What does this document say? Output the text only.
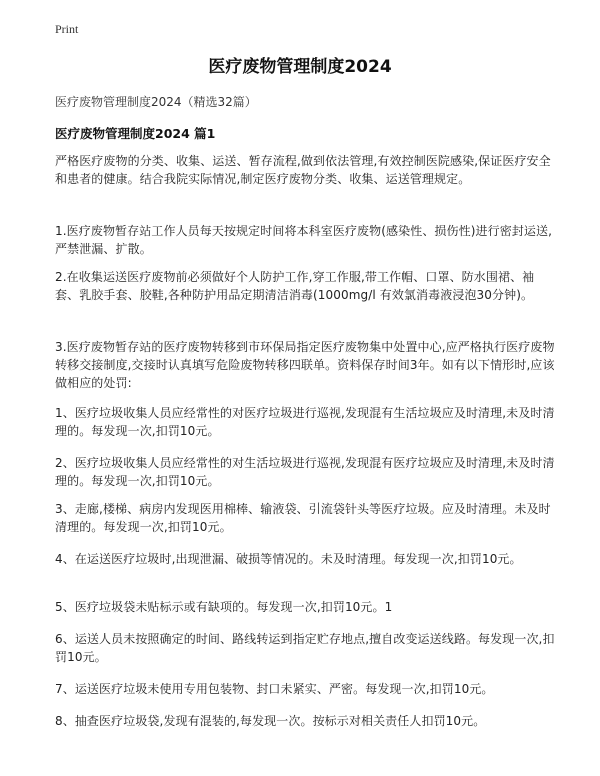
Print
医疗废物管理制度2024

医疗废物管理制度2024（精选32篇）

医疗废物管理制度2024 篇1

严格医疗废物的分类、收集、运送、暂存流程,做到依法管理,有效控制医院感染,保证医疗安全和患者的健康。结合我院实际情况,制定医疗废物分类、收集、运送管理规定。

1.医疗废物暂存站工作人员每天按规定时间将本科室医疗废物(感染性、损伤性)进行密封运送,严禁泄漏、扩散。

2.在收集运送医疗废物前必须做好个人防护工作,穿工作服,带工作帽、口罩、防水围裙、袖套、乳胶手套、胶鞋,各种防护用品定期清洁消毒(1000mg/l 有效氯消毒液浸泡30分钟)。

3.医疗废物暂存站的医疗废物转移到市环保局指定医疗废物集中处置中心,应严格执行医疗废物转移交接制度,交接时认真填写危险废物转移四联单。资料保存时间3年。如有以下情形时,应该做相应的处罚:

1、医疗垃圾收集人员应经常性的对医疗垃圾进行巡视,发现混有生活垃圾应及时清理,未及时清理的。每发现一次,扣罚10元。

2、医疗垃圾收集人员应经常性的对生活垃圾进行巡视,发现混有医疗垃圾应及时清理,未及时清理的。每发现一次,扣罚10元。

3、走廊,楼梯、病房内发现医用棉棒、输液袋、引流袋针头等医疗垃圾。应及时清理。未及时清理的。每发现一次,扣罚10元。

4、在运送医疗垃圾时,出现泄漏、破损等情况的。未及时清理。每发现一次,扣罚10元。

5、医疗垃圾袋未贴标示或有缺项的。每发现一次,扣罚10元。1

6、运送人员未按照确定的时间、路线转运到指定贮存地点,擅自改变运送线路。每发现一次,扣罚10元。

7、运送医疗垃圾未使用专用包装物、封口未紧实、严密。每发现一次,扣罚10元。

8、抽查医疗垃圾袋,发现有混装的,每发现一次。按标示对相关责任人扣罚10元。
